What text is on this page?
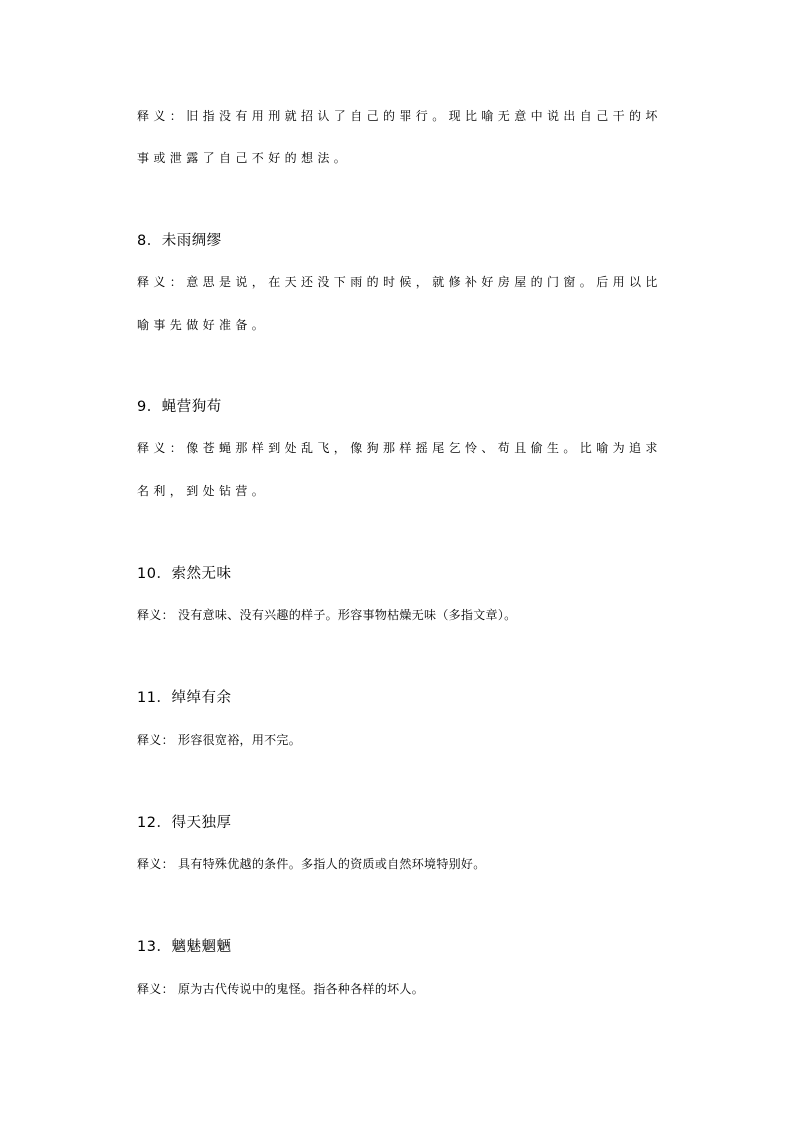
释义：旧指没有用刑就招认了自己的罪行。现比喻无意中说出自己干的坏
事或泄露了自己不好的想法。
8．未雨绸缪
释义：意思是说，在天还没下雨的时候，就修补好房屋的门窗。后用以比
喻事先做好准备。
9．蝇营狗苟
释义：像苍蝇那样到处乱飞，像狗那样摇尾乞怜、苟且偷生。比喻为追求
名利，到处钻营。
10．索然无味
释义： 没有意味、没有兴趣的样子。形容事物枯燥无味（多指文章）。
11．绰绰有余
释义： 形容很宽裕，用不完。
12．得天独厚
释义： 具有特殊优越的条件。多指人的资质或自然环境特别好。
13．魑魅魍魉
释义： 原为古代传说中的鬼怪。指各种各样的坏人。
